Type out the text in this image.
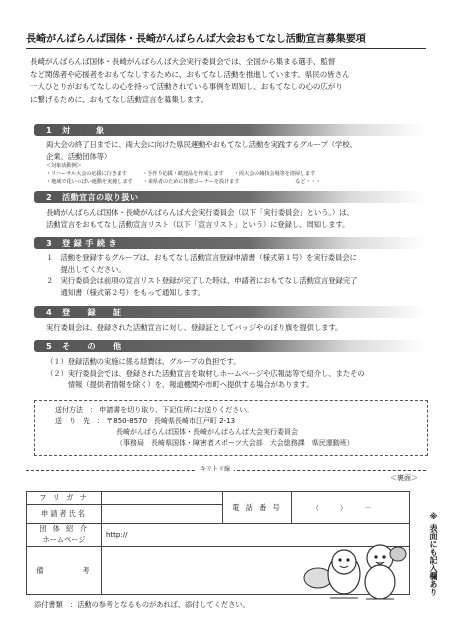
長崎がんばらんば国体・長崎がんばらんば大会おもてなし活動宣言募集要項
長崎がんばらんば国体・長崎がんばらんば大会実行委員会では、全国から集まる選手、監督
など関係者や応援者をおもてなしするために、おもてなし活動を推進しています。県民の皆さん
一人ひとりがおもてなしの心を持って活動されている事例を周知し、おもてなしの心の広がり
に繋げるために、おもてなし活動宣言を募集します。
1 対　　　象
両大会の終了日までに、両大会に向けた県民運動やおもてなし活動を実践するグループ（学校、
企業、活動団体等）
＜対象活動例＞
・リハーサル大会の応援に行きます　　　・手作り応援・歓迎品を作成します　　・両大会の競技会場等を清掃します
・地域で花いっぱい運動を実施します　　・来県者のために休憩コーナーを設けます　　　　　　　　　　　など・・・
2 活動宣言の取り扱い
長崎がんばらんば国体・長崎がんばらんば大会実行委員会（以下「実行委員会」という。）は、
活動宣言をおもてなし活動宣言リスト（以下「宣言リスト」という）に登録し、周知します。
3 登 録 手 続 き
１　活動を登録するグループは、おもてなし活動宣言登録申請書（様式第１号）を実行委員会に
　　提出してください。
２　実行委員会は前項の宣言リスト登録が完了した時は、申請者におもてなし活動宣言登録完了
　　通知書（様式第２号）をもって通知します。
4 登　　録　　証
実行委員会は、登録された活動宣言に対し、登録証としてバッジやのぼり旗を提供します。
5 そ　　の　　他
（１）登録活動の実施に係る経費は、グループの負担です。
（２）実行委員会では、登録された活動宣言を取材しホームページや広報誌等で紹介し、またその
　　　情報（提供者情報を除く）を、報道機関や市町へ提供する場合があります。
送付方法　： 申請書を切り取り、下記住所にお送りください。
送　り　先　： 〒850-8570　長崎県長崎市江戸町 2-13
長崎がんばらんば国体・長崎がんばらんば大会実行委員会
（事務局　長崎県国体・障害者スポーツ大会部　大会総務課　県民運動班）
キリトリ線
＜裏面＞
フ リ ガ ナ		電 話 番 号	（　　　）　　　－
申請者氏名			
団 体 紹 介	http://		
ホームページ			
備　　　　考				※ 表面にも記入欄あり
添付書類　：活動の参考となるものがあれば、添付してください。
